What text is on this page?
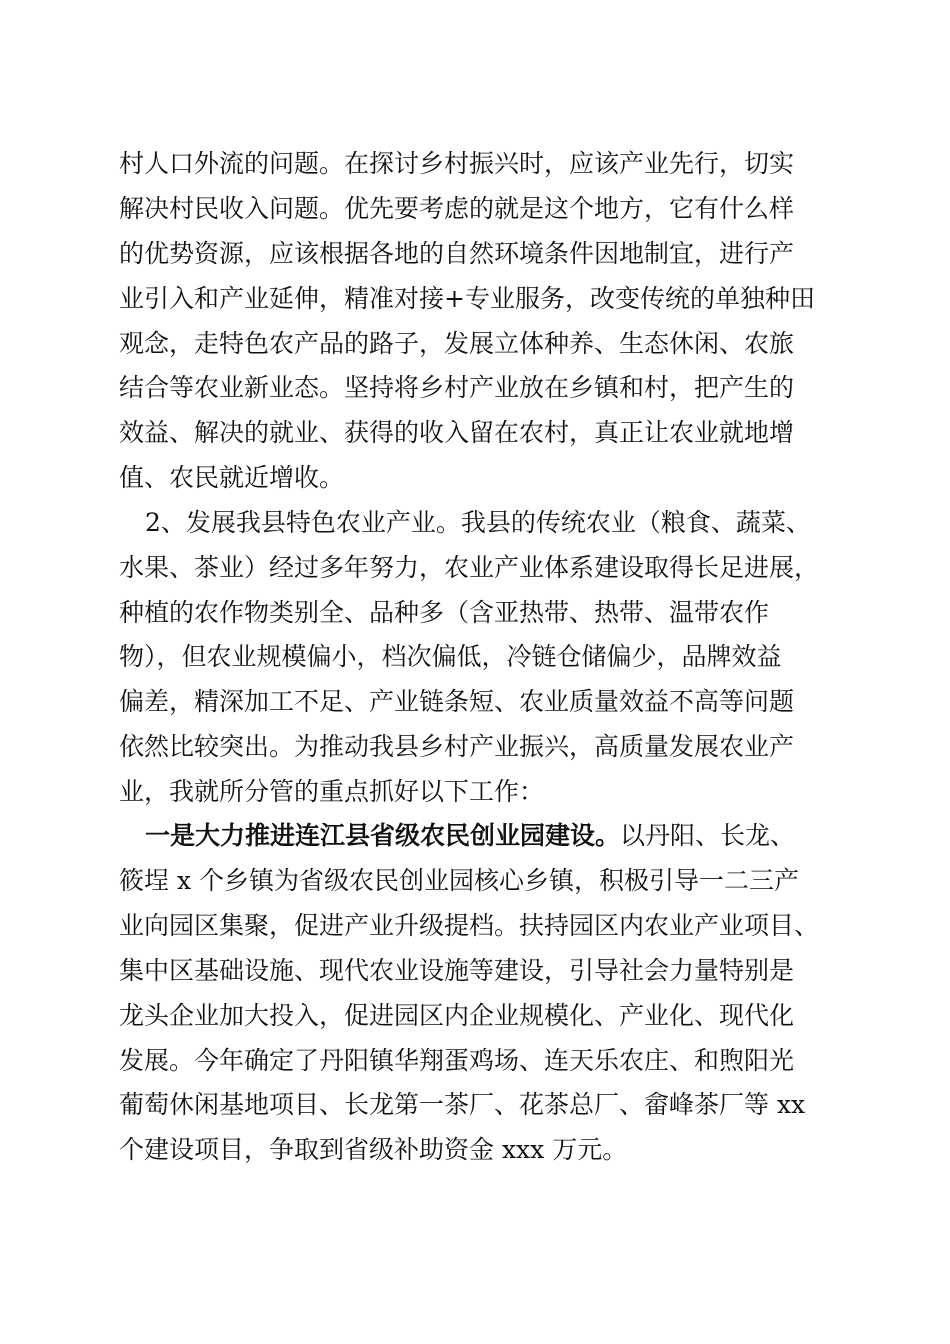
村人口外流的问题。在探讨乡村振兴时，应该产业先行，切实
解决村民收入问题。优先要考虑的就是这个地方，它有什么样
的优势资源，应该根据各地的自然环境条件因地制宜，进行产
业引入和产业延伸，精准对接+专业服务，改变传统的单独种田
观念，走特色农产品的路子，发展立体种养、生态休闲、农旅
结合等农业新业态。坚持将乡村产业放在乡镇和村，把产生的
效益、解决的就业、获得的收入留在农村，真正让农业就地增
值、农民就近增收。
2、发展我县特色农业产业。我县的传统农业（粮食、蔬菜、
水果、茶业）经过多年努力，农业产业体系建设取得长足进展，
种植的农作物类别全、品种多（含亚热带、热带、温带农作
物），但农业规模偏小，档次偏低，冷链仓储偏少，品牌效益
偏差，精深加工不足、产业链条短、农业质量效益不高等问题
依然比较突出。为推动我县乡村产业振兴，高质量发展农业产
业，我就所分管的重点抓好以下工作：
一是大力推进连江县省级农民创业园建设。以丹阳、长龙、
筱埕 x 个乡镇为省级农民创业园核心乡镇，积极引导一二三产
业向园区集聚，促进产业升级提档。扶持园区内农业产业项目、
集中区基础设施、现代农业设施等建设，引导社会力量特别是
龙头企业加大投入，促进园区内企业规模化、产业化、现代化
发展。今年确定了丹阳镇华翔蛋鸡场、连天乐农庄、和煦阳光
葡萄休闲基地项目、长龙第一茶厂、花茶总厂、畲峰茶厂等 xx
个建设项目，争取到省级补助资金 xxx 万元。
